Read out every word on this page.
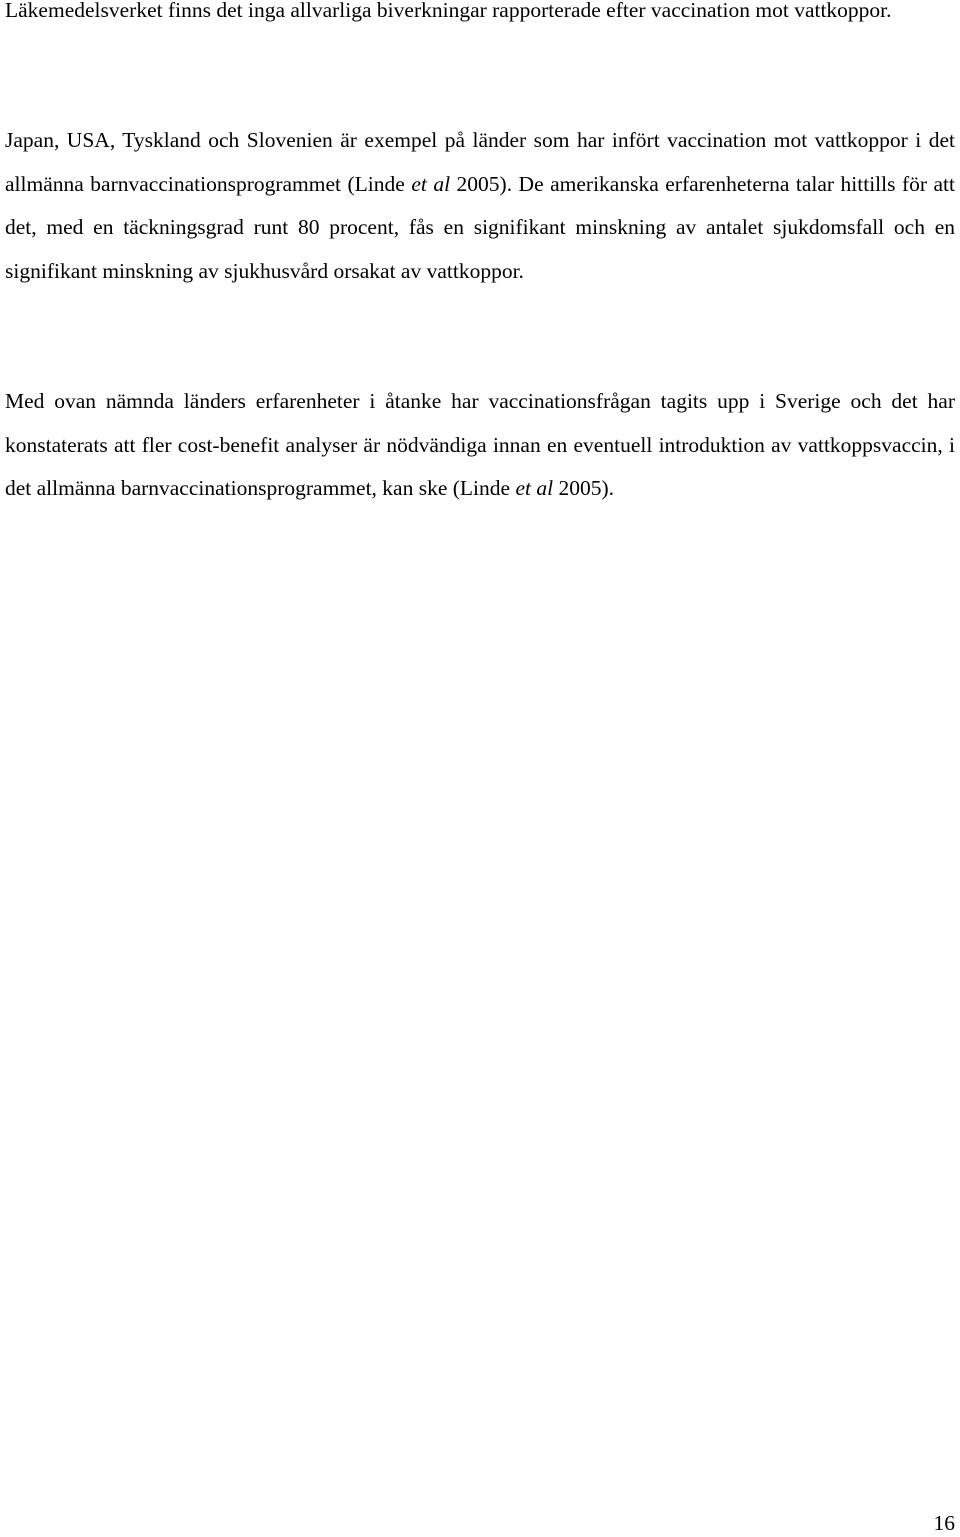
Läkemedelsverket finns det inga allvarliga biverkningar rapporterade efter vaccination mot vattkoppor.

Japan, USA, Tyskland och Slovenien är exempel på länder som har infört vaccination mot vattkoppor i det allmänna barnvaccinationsprogrammet (Linde et al 2005). De amerikanska erfarenheterna talar hittills för att det, med en täckningsgrad runt 80 procent, fås en signifikant minskning av antalet sjukdomsfall och en signifikant minskning av sjukhusvård orsakat av vattkoppor.

Med ovan nämnda länders erfarenheter i åtanke har vaccinationsfrågan tagits upp i Sverige och det har konstaterats att fler cost-benefit analyser är nödvändiga innan en eventuell introduktion av vattkoppsvaccin, i det allmänna barnvaccinationsprogrammet, kan ske (Linde et al 2005).

16
